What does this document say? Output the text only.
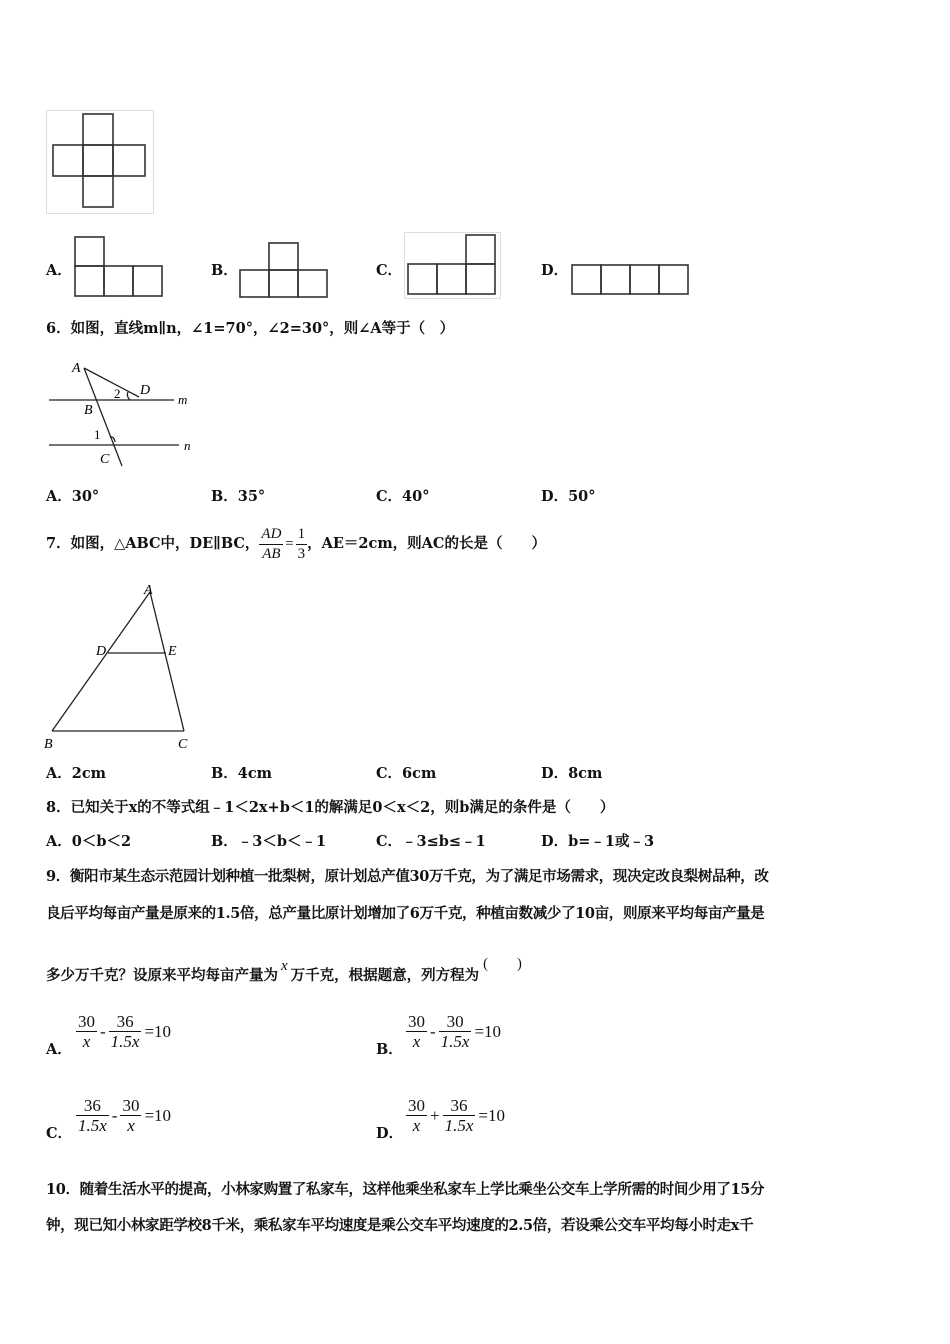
A．	B．	C．	D．
6．如图，直线m∥n，∠1=70°，∠2=30°，则∠A等于（　）
A
B
C
D
m
n
1
2
A．30°	B．35°	C．40°	D．50°
7．如图，△ABC中，DE∥BC， $\frac{AD}{AB} = \frac{1}{3}$ ，AE＝2cm，则AC的长是（　　）
A
B	C
D	E
A．2cm	B．4cm	C．6cm	D．8cm
8．已知关于x的不等式组﹣1＜2x+b＜1的解满足0＜x＜2，则b满足的条件是（　　）
A．0＜b＜2	B．﹣3＜b＜﹣1	C．﹣3≤b≤﹣1	D．b=﹣1或﹣3
9．衡阳市某生态示范园计划种植一批梨树，原计划总产值30万千克，为了满足市场需求，现决定改良梨树品种，改
良后平均每亩产量是原来的1.5倍，总产量比原计划增加了6万千克，种植亩数减少了10亩，则原来平均每亩产量是
多少万千克？设原来平均每亩产量为x万千克，根据题意，列方程为(　　)
A． $\frac{30}{x} - \frac{36}{1.5x} =10$
B． $\frac{30}{x} - \frac{30}{1.5x} =10$
C． $\frac{36}{1.5x} - \frac{30}{x} =10$
D． $\frac{30}{x} + \frac{36}{1.5x} =10$
10．随着生活水平的提高，小林家购置了私家车，这样他乘坐私家车上学比乘坐公交车上学所需的时间少用了15分
钟，现已知小林家距学校8千米，乘私家车平均速度是乘公交车平均速度的2.5倍，若设乘公交车平均每小时走x千
